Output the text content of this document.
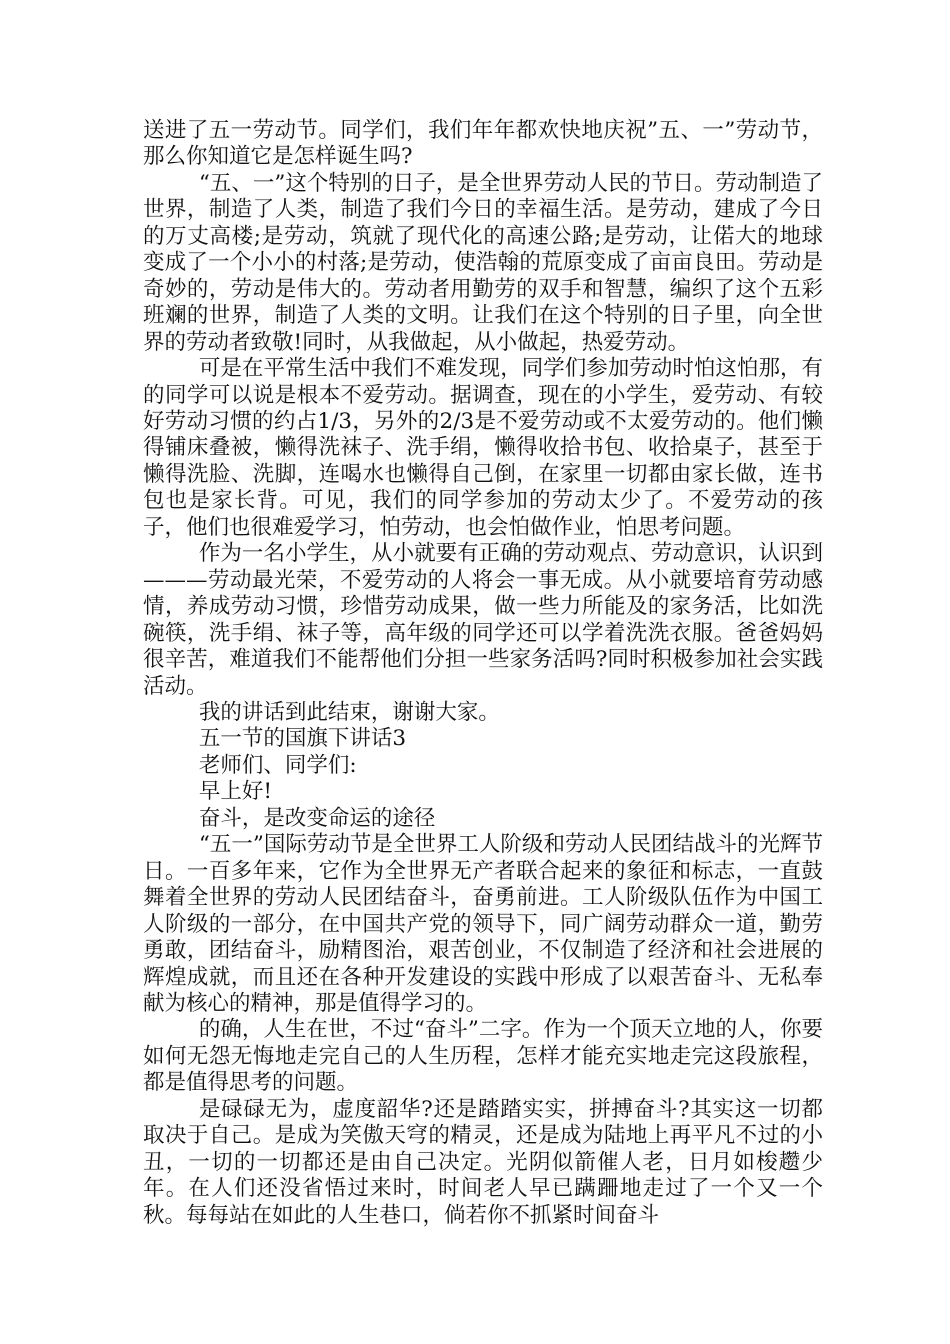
送进了五一劳动节。同学们，我们年年都欢快地庆祝”五、一”劳动节，那么你知道它是怎样诞生吗?

“五、一”这个特别的日子，是全世界劳动人民的节日。劳动制造了世界，制造了人类，制造了我们今日的幸福生活。是劳动，建成了今日的万丈高楼;是劳动，筑就了现代化的高速公路;是劳动，让偌大的地球变成了一个小小的村落;是劳动，使浩翰的荒原变成了亩亩良田。劳动是奇妙的，劳动是伟大的。劳动者用勤劳的双手和智慧，编织了这个五彩班斓的世界，制造了人类的文明。让我们在这个特别的日子里，向全世界的劳动者致敬!同时，从我做起，从小做起，热爱劳动。

可是在平常生活中我们不难发现，同学们参加劳动时怕这怕那，有的同学可以说是根本不爱劳动。据调查，现在的小学生，爱劳动、有较好劳动习惯的约占1/3，另外的2/3是不爱劳动或不太爱劳动的。他们懒得铺床叠被，懒得洗袜子、洗手绢，懒得收拾书包、收拾桌子，甚至于懒得洗脸、洗脚，连喝水也懒得自己倒，在家里一切都由家长做，连书包也是家长背。可见，我们的同学参加的劳动太少了。不爱劳动的孩子，他们也很难爱学习，怕劳动，也会怕做作业，怕思考问题。

作为一名小学生，从小就要有正确的劳动观点、劳动意识，认识到———劳动最光荣，不爱劳动的人将会一事无成。从小就要培育劳动感情，养成劳动习惯，珍惜劳动成果，做一些力所能及的家务活，比如洗碗筷，洗手绢、袜子等，高年级的同学还可以学着洗洗衣服。爸爸妈妈很辛苦，难道我们不能帮他们分担一些家务活吗?同时积极参加社会实践活动。

我的讲话到此结束，谢谢大家。

五一节的国旗下讲话3

老师们、同学们:

早上好!

奋斗，是改变命运的途径

“五一”国际劳动节是全世界工人阶级和劳动人民团结战斗的光辉节日。一百多年来，它作为全世界无产者联合起来的象征和标志，一直鼓舞着全世界的劳动人民团结奋斗，奋勇前进。工人阶级队伍作为中国工人阶级的一部分，在中国共产党的领导下，同广阔劳动群众一道，勤劳勇敢，团结奋斗，励精图治，艰苦创业，不仅制造了经济和社会进展的辉煌成就，而且还在各种开发建设的实践中形成了以艰苦奋斗、无私奉献为核心的精神，那是值得学习的。

的确，人生在世，不过“奋斗”二字。作为一个顶天立地的人，你要如何无怨无悔地走完自己的人生历程，怎样才能充实地走完这段旅程，都是值得思考的问题。

是碌碌无为，虚度韶华?还是踏踏实实，拼搏奋斗?其实这一切都取决于自己。是成为笑傲天穹的精灵，还是成为陆地上再平凡不过的小丑，一切的一切都还是由自己决定。光阴似箭催人老，日月如梭趱少年。在人们还没省悟过来时，时间老人早已蹒跚地走过了一个又一个秋。每每站在如此的人生巷口，倘若你不抓紧时间奋斗
